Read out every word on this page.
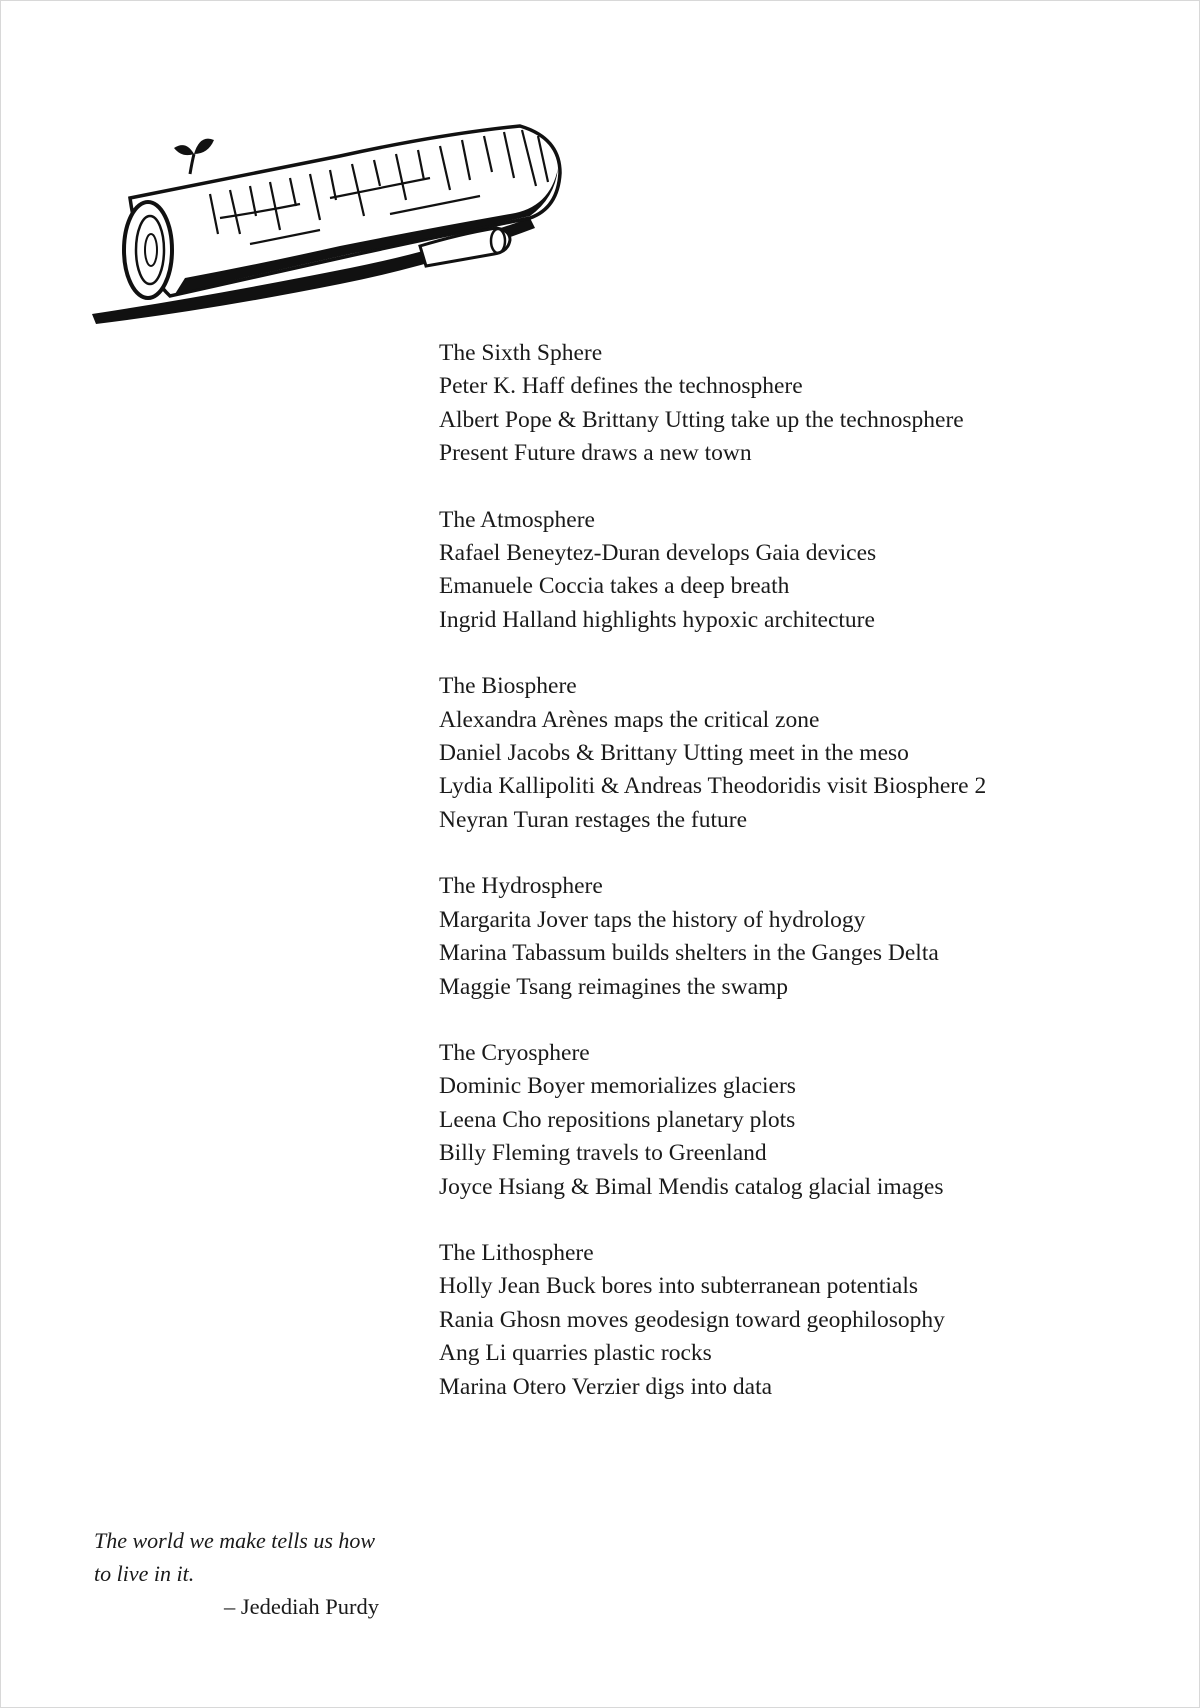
The Sixth Sphere
Peter K. Haff defines the technosphere
Albert Pope & Brittany Utting take up the technosphere
Present Future draws a new town
The Atmosphere
Rafael Beneytez-Duran develops Gaia devices
Emanuele Coccia takes a deep breath
Ingrid Halland highlights hypoxic architecture
The Biosphere
Alexandra Arènes maps the critical zone
Daniel Jacobs & Brittany Utting meet in the meso
Lydia Kallipoliti & Andreas Theodoridis visit Biosphere 2
Neyran Turan restages the future
The Hydrosphere
Margarita Jover taps the history of hydrology
Marina Tabassum builds shelters in the Ganges Delta
Maggie Tsang reimagines the swamp
The Cryosphere
Dominic Boyer memorializes glaciers
Leena Cho repositions planetary plots
Billy Fleming travels to Greenland
Joyce Hsiang & Bimal Mendis catalog glacial images
The Lithosphere
Holly Jean Buck bores into subterranean potentials
Rania Ghosn moves geodesign toward geophilosophy
Ang Li quarries plastic rocks
Marina Otero Verzier digs into data
The world we make tells us how
to live in it.
– Jedediah Purdy
